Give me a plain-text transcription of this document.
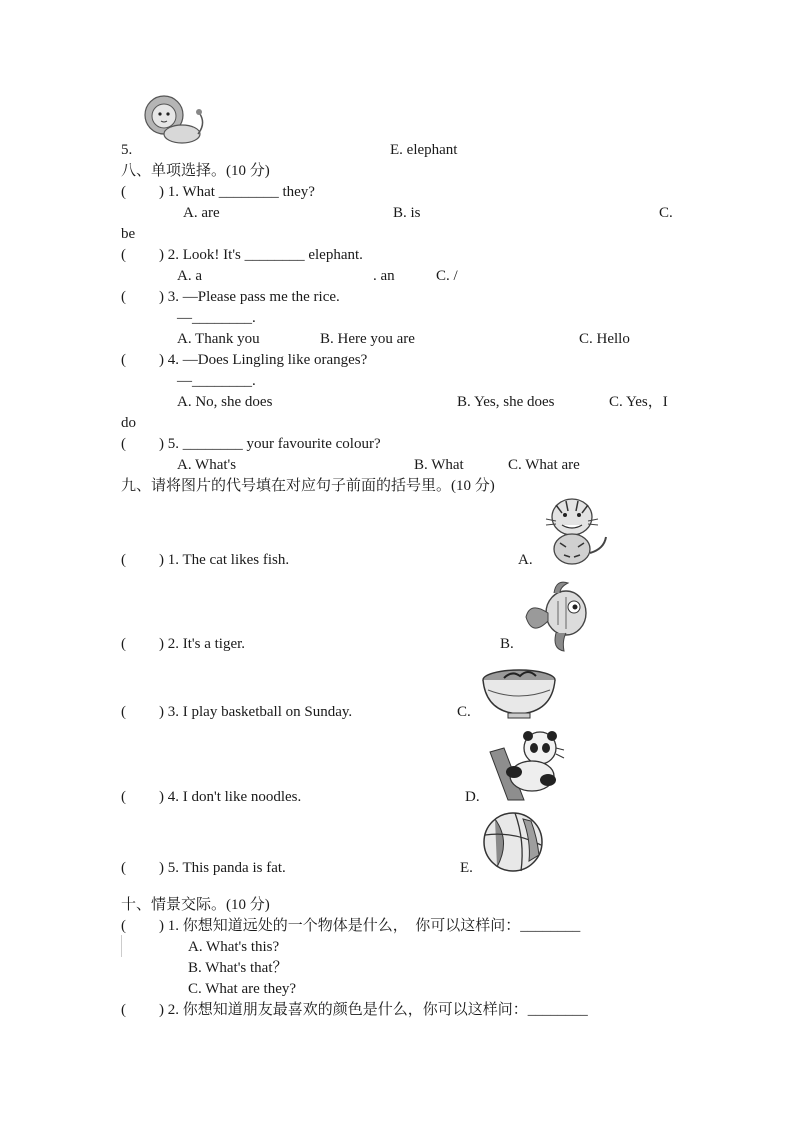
5.	E. elephant
八、单项选择。(10 分)
( ) 1. What ________ they?
A. are	B. is	C.
be
( ) 2. Look! It's ________ elephant.
A. a	. an	C. /
( ) 3. —Please pass me the rice.
—________.
A. Thank you	B. Here you are	C. Hello
( ) 4. —Does Lingling like oranges?
—________.
A. No, she does	B. Yes, she does	C. Yes，I
do
( ) 5. ________ your favourite colour?
A. What's	B. What	C. What are
九、请将图片的代号填在对应句子前面的括号里。(10 分)
( ) 1. The cat likes fish.	A.
( ) 2. It's a tiger.	B.
( ) 3. I play basketball on Sunday.	C.
( ) 4. I don't like noodles.	D.
( ) 5. This panda is fat.	E.
十、情景交际。(10 分)
( ) 1. 你想知道远处的一个物体是什么，  你可以这样问：________
A. What's this?
B. What's that？
C. What are they?
( ) 2. 你想知道朋友最喜欢的颜色是什么，你可以这样问：________
